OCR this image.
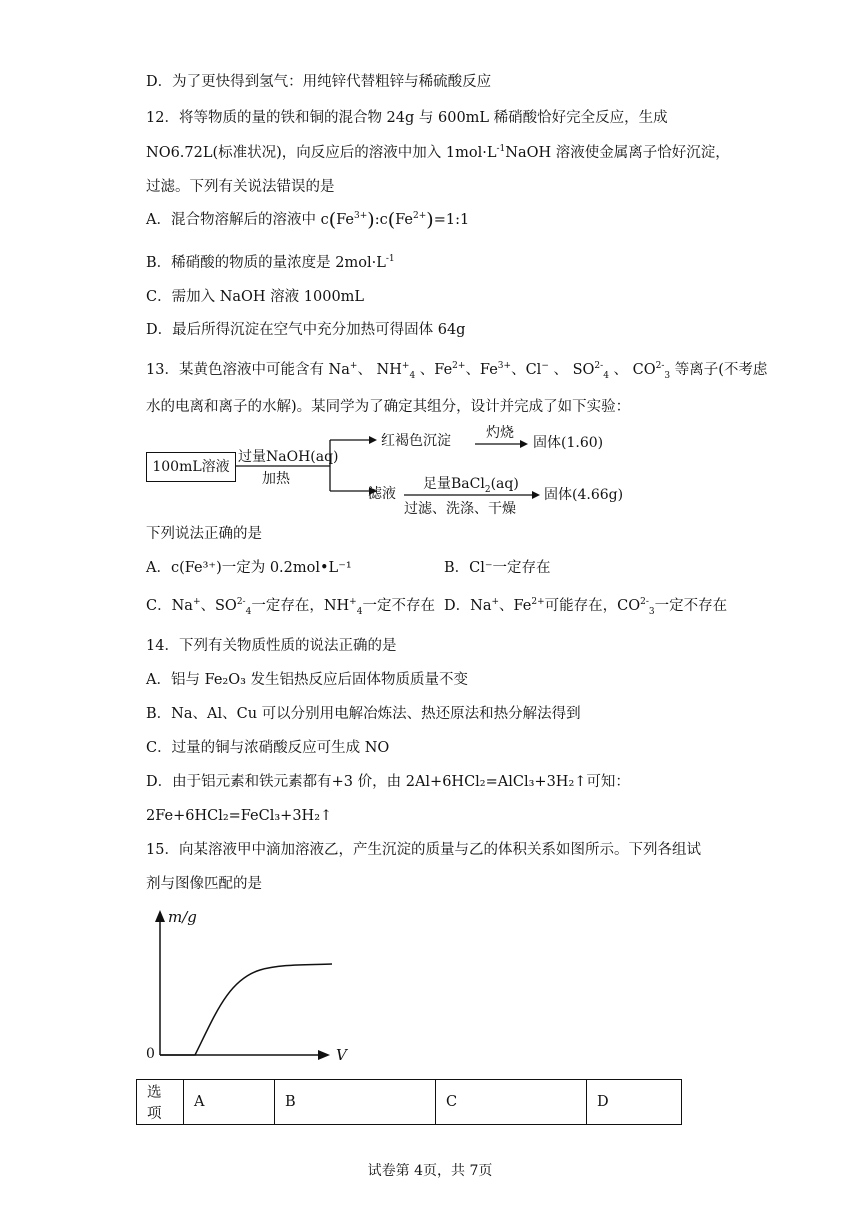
D．为了更快得到氢气：用纯锌代替粗锌与稀硫酸反应
12．将等物质的量的铁和铜的混合物 24g 与 600mL 稀硝酸恰好完全反应，生成
NO6.72L(标准状况)，向反应后的溶液中加入 $1mol\cdot L^{-1}NaOH$ 溶液使金属离子恰好沉淀，
过滤。下列有关说法错误的是
A．混合物溶解后的溶液中 $c(Fe^{3+}):c(Fe^{2+})=1:1$
B．稀硝酸的物质的量浓度是 $2mol\cdot L^{-1}$
C．需加入 NaOH 溶液 1000mL
D．最后所得沉淀在空气中充分加热可得固体 64g
13．某黄色溶液中可能含有 Na+、 $NH^+_4$ 、$Fe^{2+}$、$Fe^{3+}$、Cl− 、 $SO^{2-}_4$ 、 $CO^{2-}_3$ 等离子(不考虑
水的电离和离子的水解)。某同学为了确定其组分，设计并完成了如下实验：
100mL溶液
过量NaOH(aq)
加热
红褐色沉淀	灼烧
固体(1.60)
滤液
足量BaCl$_2$(aq)
过滤、洗涤、干燥
固体(4.66g)
下列说法正确的是
A．c(Fe³⁺)一定为 0.2mol•L⁻¹	B．Cl⁻一定存在
C．Na+、$SO^{2-}_4$一定存在，$NH^+_4$一定不存在 D．Na+、$Fe^{2+}$可能存在，$CO^{2-}_3$一定不存在
14．下列有关物质性质的说法正确的是
A．铝与 Fe₂O₃ 发生铝热反应后固体物质质量不变
B．Na、Al、Cu 可以分别用电解冶炼法、热还原法和热分解法得到
C．过量的铜与浓硝酸反应可生成 NO
D．由于铝元素和铁元素都有+3 价，由 2Al+6HCl₂=AlCl₃+3H₂↑可知：
2Fe+6HCl₂=FeCl₃+3H₂↑
15．向某溶液甲中滴加溶液乙，产生沉淀的质量与乙的体积关系如图所示。下列各组试
剂与图像匹配的是
m/g
V
0
选项	A	B	C	D
试卷第 4页，共 7页
